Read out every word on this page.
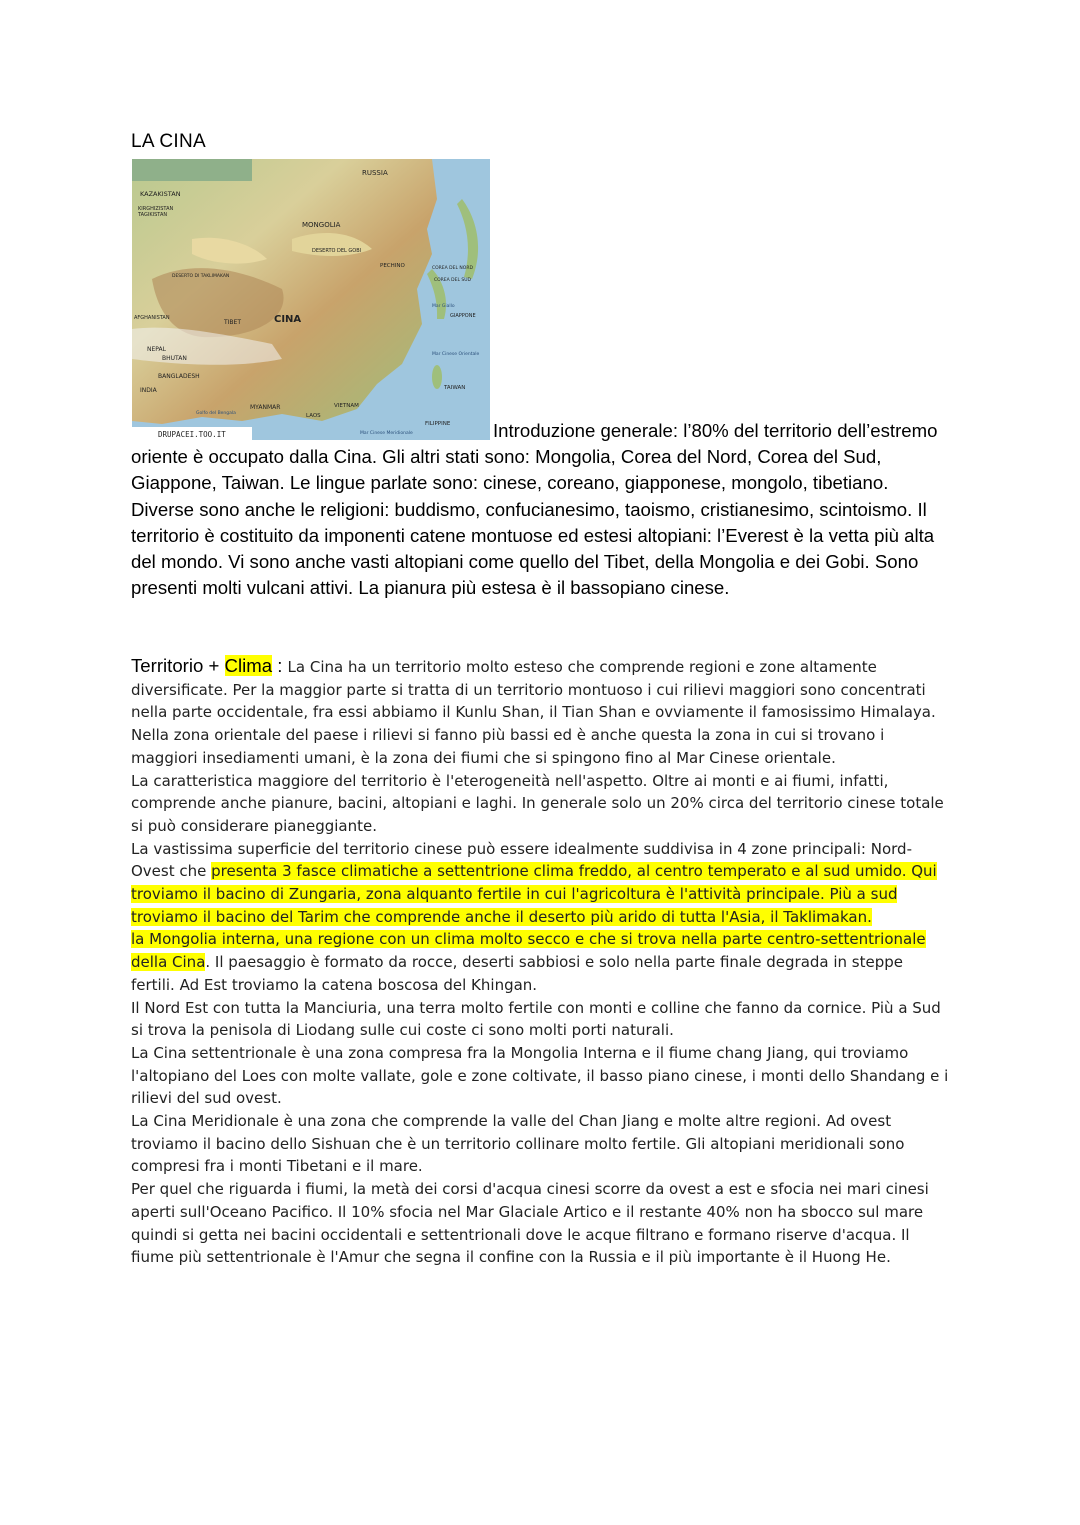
LA CINA
RUSSIA
KAZAKISTAN
KIRGHIZISTAN
TAGIKISTAN
AFGHANISTAN
MONGOLIA
CINA
TIBET
NEPAL
BHUTAN
BANGLADESH
INDIA
MYANMAR
LAOS
VIETNAM
FILIPPINE
TAIWAN
GIAPPONE
COREA DEL NORD
COREA DEL SUD
PECHINO
DESERTO DEL GOBI
DESERTO DI TAKLIMAKAN
Mar Giallo
Mar Cinese Orientale
Mar Cinese Meridionale
Golfo del Bengala
DRUPACEI.TOO.IT	Introduzione generale: l’80% del territorio dell’estremo oriente è occupato dalla Cina. Gli altri stati sono: Mongolia, Corea del Nord, Corea del Sud, Giappone, Taiwan. Le lingue parlate sono: cinese, coreano, giapponese, mongolo, tibetiano. Diverse sono anche le religioni: buddismo, confucianesimo, taoismo, cristianesimo, scintoismo. Il territorio è costituito da imponenti catene montuose ed estesi altopiani: l’Everest è la vetta più alta del mondo. Vi sono anche vasti altopiani come quello del Tibet, della Mongolia e dei Gobi. Sono presenti molti vulcani attivi. La pianura più estesa è il bassopiano cinese.

Territorio + Clima : La Cina ha un territorio molto esteso che comprende regioni e zone altamente diversificate. Per la maggior parte si tratta di un territorio montuoso i cui rilievi maggiori sono concentrati nella parte occidentale, fra essi abbiamo il Kunlu Shan, il Tian Shan e ovviamente il famosissimo Himalaya. Nella zona orientale del paese i rilievi si fanno più bassi ed è anche questa la zona in cui si trovano i maggiori insediamenti umani, è la zona dei fiumi che si spingono fino al Mar Cinese orientale.

La caratteristica maggiore del territorio è l'eterogeneità nell'aspetto. Oltre ai monti e ai fiumi, infatti, comprende anche pianure, bacini, altopiani e laghi. In generale solo un 20% circa del territorio cinese totale si può considerare pianeggiante.

La vastissima superficie del territorio cinese può essere idealmente suddivisa in 4 zone principali: Nord-Ovest che presenta 3 fasce climatiche a settentrione clima freddo, al centro temperato e al sud umido. Qui troviamo il bacino di Zungaria, zona alquanto fertile in cui l'agricoltura è l'attività principale. Più a sud troviamo il bacino del Tarim che comprende anche il deserto più arido di tutta l'Asia, il Taklimakan.

la Mongolia interna, una regione con un clima molto secco e che si trova nella parte centro-settentrionale della Cina. Il paesaggio è formato da rocce, deserti sabbiosi e solo nella parte finale degrada in steppe fertili. Ad Est troviamo la catena boscosa del Khingan.

Il Nord Est con tutta la Manciuria, una terra molto fertile con monti e colline che fanno da cornice. Più a Sud si trova la penisola di Liodang sulle cui coste ci sono molti porti naturali.

La Cina settentrionale è una zona compresa fra la Mongolia Interna e il fiume chang Jiang, qui troviamo l'altopiano del Loes con molte vallate, gole e zone coltivate, il basso piano cinese, i monti dello Shandang e i rilievi del sud ovest.

La Cina Meridionale è una zona che comprende la valle del Chan Jiang e molte altre regioni. Ad ovest troviamo il bacino dello Sishuan che è un territorio collinare molto fertile. Gli altopiani meridionali sono compresi fra i monti Tibetani e il mare.

Per quel che riguarda i fiumi, la metà dei corsi d'acqua cinesi scorre da ovest a est e sfocia nei mari cinesi aperti sull'Oceano Pacifico. Il 10% sfocia nel Mar Glaciale Artico e il restante 40% non ha sbocco sul mare quindi si getta nei bacini occidentali e settentrionali dove le acque filtrano e formano riserve d'acqua. Il fiume più settentrionale è l'Amur che segna il confine con la Russia e il più importante è il Huong He.
